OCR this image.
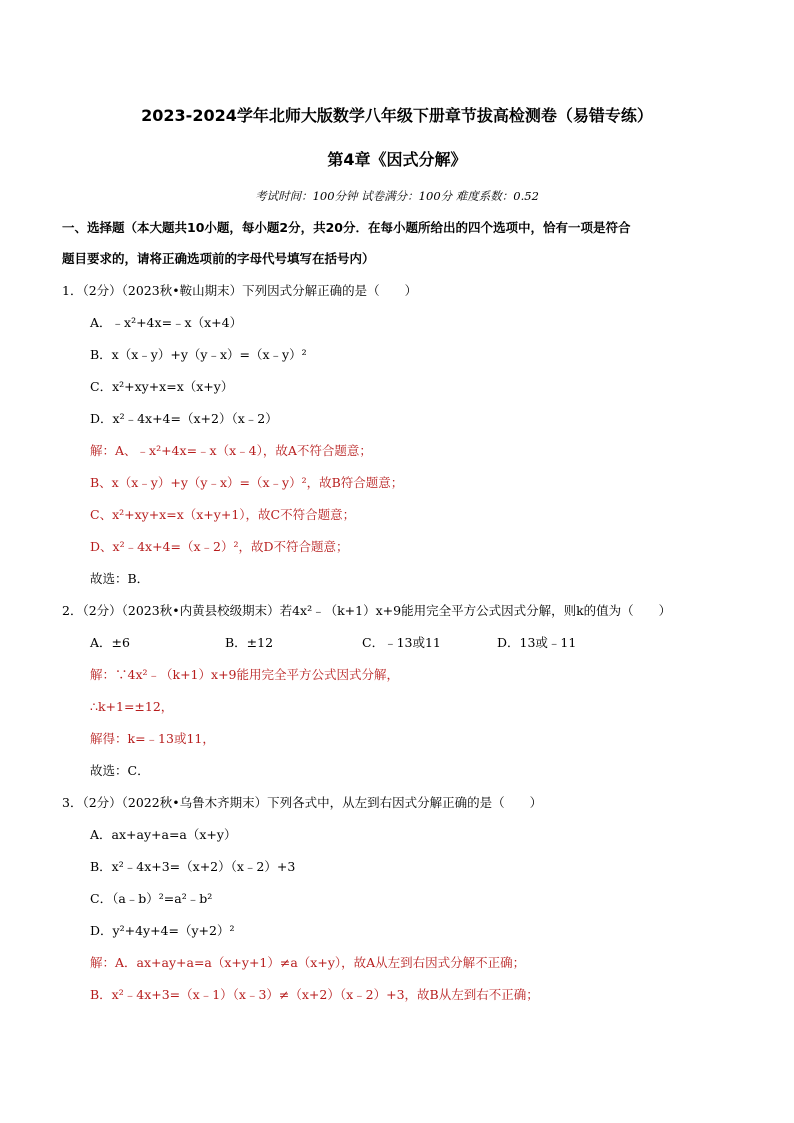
2023-2024学年北师大版数学八年级下册章节拔高检测卷（易错专练）
第4章《因式分解》
考试时间：100分钟 试卷满分：100分 难度系数：0.52
一、选择题（本大题共10小题，每小题2分，共20分．在每小题所给出的四个选项中，恰有一项是符合
题目要求的，请将正确选项前的字母代号填写在括号内）
1．（2分）（2023秋•鞍山期末）下列因式分解正确的是（　　）
A．﹣x²+4x=﹣x（x+4）
B．x（x﹣y）+y（y﹣x）=（x﹣y）²
C．x²+xy+x=x（x+y）
D．x²﹣4x+4=（x+2）（x﹣2）
解：A、﹣x²+4x=﹣x（x﹣4），故A不符合题意；
B、x（x﹣y）+y（y﹣x）=（x﹣y）²，故B符合题意；
C、x²+xy+x=x（x+y+1），故C不符合题意；
D、x²﹣4x+4=（x﹣2）²，故D不符合题意；
故选：B．
2．（2分）（2023秋•内黄县校级期末）若4x²﹣（k+1）x+9能用完全平方公式因式分解，则k的值为（　　）
A．±6	B．±12	C．﹣13或11	D．13或﹣11
解：∵4x²﹣（k+1）x+9能用完全平方公式因式分解，
∴k+1=±12，
解得：k=﹣13或11，
故选：C．
3．（2分）（2022秋•乌鲁木齐期末）下列各式中，从左到右因式分解正确的是（　　）
A．ax+ay+a=a（x+y）
B．x²﹣4x+3=（x+2）（x﹣2）+3
C．（a﹣b）²=a²﹣b²
D．y²+4y+4=（y+2）²
解：A．ax+ay+a=a（x+y+1）≠a（x+y），故A从左到右因式分解不正确；
B．x²﹣4x+3=（x﹣1）（x﹣3）≠（x+2）（x﹣2）+3，故B从左到右不正确；
